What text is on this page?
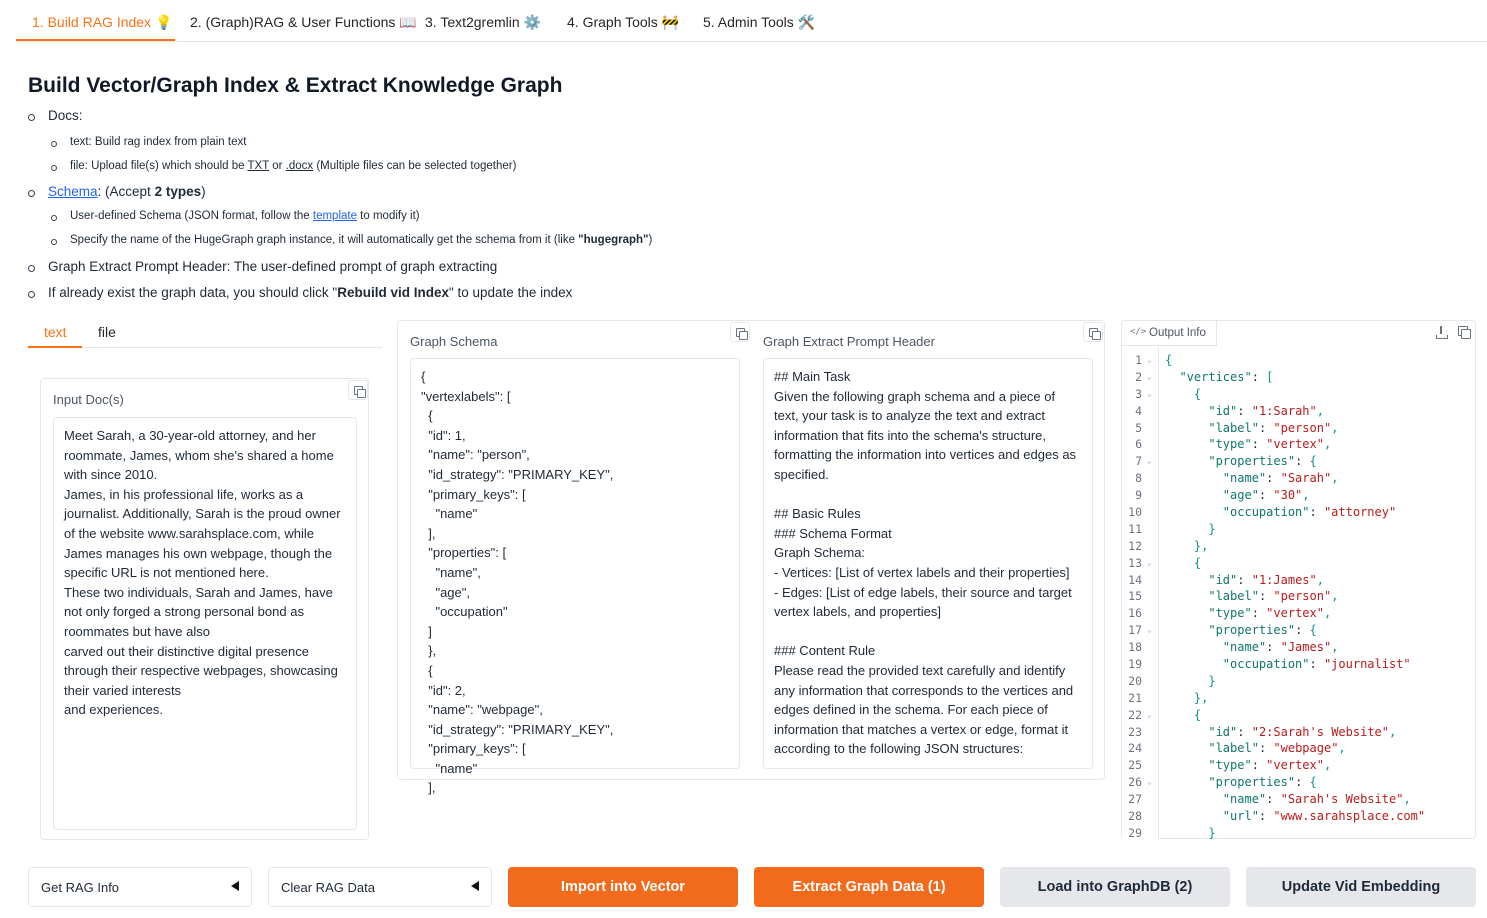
1. Build RAG Index 💡 2. (Graph)RAG & User Functions 📖 3. Text2gremlin ⚙️ 4. Graph Tools 🚧 5. Admin Tools 🛠️
Build Vector/Graph Index & Extract Knowledge Graph
Docs:
text: Build rag index from plain text
file: Upload file(s) which should be TXT or .docx (Multiple files can be selected together)
Schema: (Accept 2 types)
User-defined Schema (JSON format, follow the template to modify it)
Specify the name of the HugeGraph graph instance, it will automatically get the schema from it (like "hugegraph")
Graph Extract Prompt Header: The user-defined prompt of graph extracting
If already exist the graph data, you should click "Rebuild vid Index" to update the index
text file
Input Doc(s)
Meet Sarah, a 30-year-old attorney, and her roommate, James, whom she's shared a home with since 2010.
James, in his professional life, works as a journalist. Additionally, Sarah is the proud owner of the website www.sarahsplace.com, while James manages his own webpage, though the specific URL is not mentioned here.
These two individuals, Sarah and James, have not only forged a strong personal bond as roommates but have also
carved out their distinctive digital presence through their respective webpages, showcasing their varied interests
and experiences.
Graph Schema
{
"vertexlabels": [
{
"id": 1,
"name": "person",
"id_strategy": "PRIMARY_KEY",
"primary_keys": [
"name"
],
"properties": [
"name",
"age",
"occupation"
]
},
{
"id": 2,
"name": "webpage",
"id_strategy": "PRIMARY_KEY",
"primary_keys": [
"name"
],
Graph Extract Prompt Header
## Main Task
Given the following graph schema and a piece of text, your task is to analyze the text and extract information that fits into the schema's structure, formatting the information into vertices and edges as specified.

## Basic Rules
### Schema Format
Graph Schema:
- Vertices: [List of vertex labels and their properties]
- Edges: [List of edge labels, their source and target vertex labels, and properties]

### Content Rule
Please read the provided text carefully and identify any information that corresponds to the vertices and edges defined in the schema. For each piece of information that matches a vertex or edge, format it according to the following JSON structures:
</> Output Info
1 ⌄ {
2 ⌄	"vertices": [
3 ⌄	{
4	"id": "1:Sarah",
5	"label": "person",
6	"type": "vertex",
7 ⌄	"properties": {
8	"name": "Sarah",
9	"age": "30",
10	"occupation": "attorney"
11	}
12	},
13 ⌄	{
14	"id": "1:James",
15	"label": "person",
16	"type": "vertex",
17 ⌄	"properties": {
18	"name": "James",
19	"occupation": "journalist"
20	}
21	},
22 ⌄	{
23	"id": "2:Sarah's Website",
24	"label": "webpage",
25	"type": "vertex",
26 ⌄	"properties": {
27	"name": "Sarah's Website",
28	"url": "www.sarahsplace.com"
29	}
Get RAG Info	Clear RAG Data	Import into Vector	Extract Graph Data (1)	Load into GraphDB (2)	Update Vid Embedding
